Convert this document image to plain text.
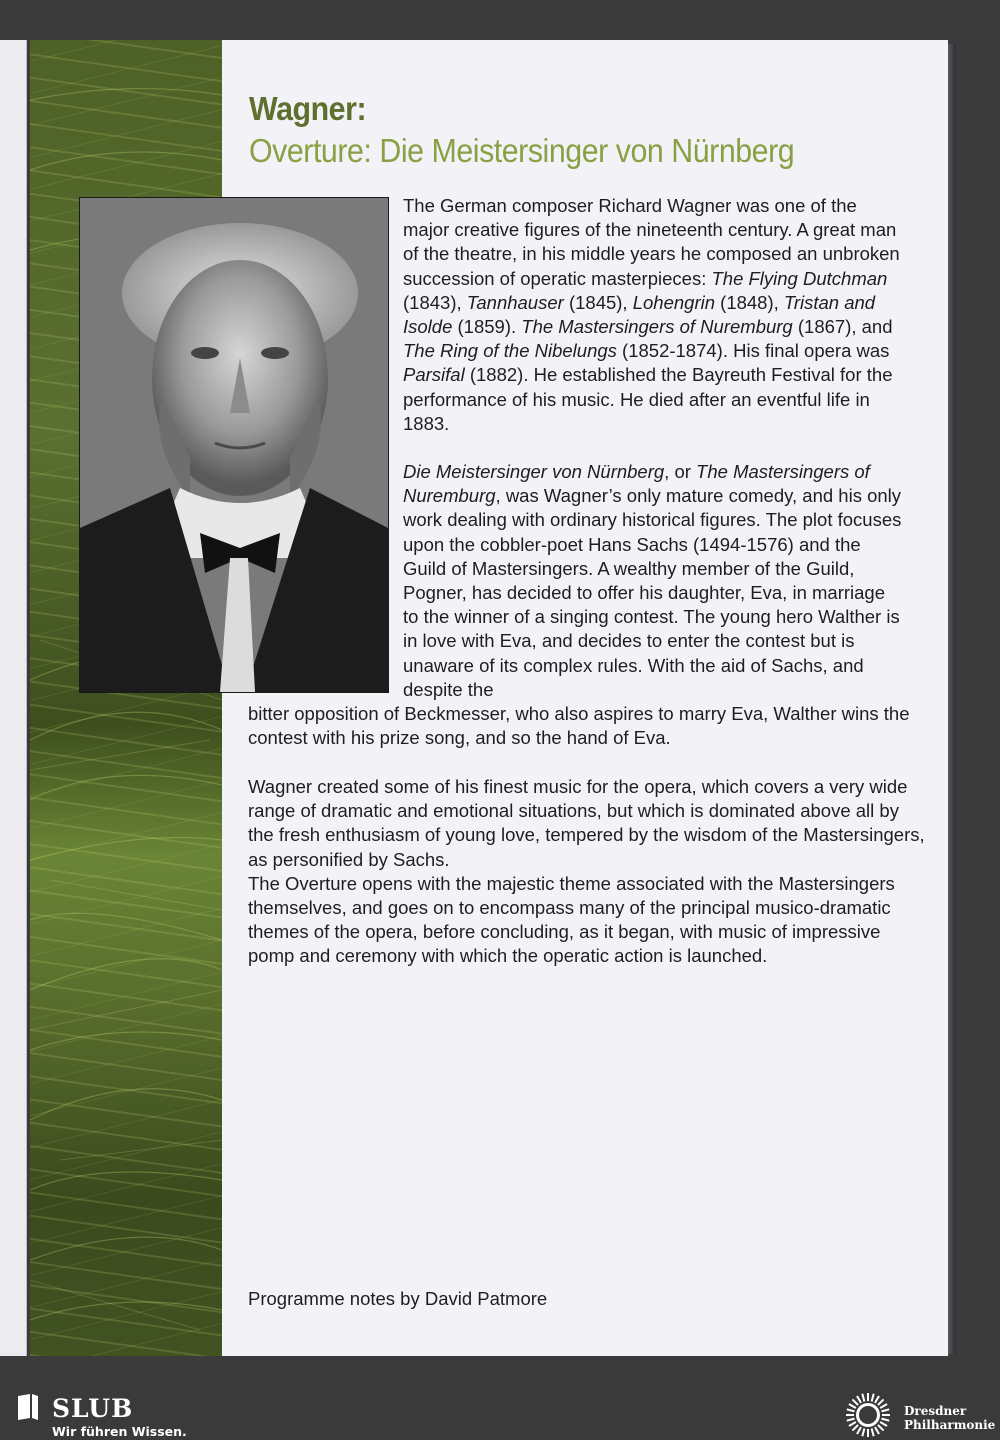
Wagner:
Overture: Die Meistersinger von Nürnberg

The German composer Richard Wagner was one of the major creative figures of the nineteenth century. A great man of the theatre, in his middle years he composed an unbroken succession of operatic masterpieces: The Flying Dutchman (1843), Tannhauser (1845), Lohengrin (1848), Tristan and Isolde (1859). The Mastersingers of Nuremburg (1867), and The Ring of the Nibelungs (1852-1874). His final opera was Parsifal (1882). He established the Bayreuth Festival for the performance of his music. He died after an eventful life in 1883.

Die Meistersinger von Nürnberg, or The Mastersingers of Nuremburg, was Wagner’s only mature comedy, and his only work dealing with ordinary historical figures. The plot focuses upon the cobbler-poet Hans Sachs (1494-1576) and the Guild of Mastersingers. A wealthy member of the Guild, Pogner, has decided to offer his daughter, Eva, in marriage to the winner of a singing contest. The young hero Walther is in love with Eva, and decides to enter the contest but is unaware of its complex rules. With the aid of Sachs, and despite the

bitter opposition of Beckmesser, who also aspires to marry Eva, Walther wins the contest with his prize song, and so the hand of Eva.

Wagner created some of his finest music for the opera, which covers a very wide range of dramatic and emotional situations, but which is dominated above all by the fresh enthusiasm of young love, tempered by the wisdom of the Mastersingers, as personified by Sachs.
The Overture opens with the majestic theme associated with the Mastersingers themselves, and goes on to encompass many of the principal musico-dramatic themes of the opera, before concluding, as it began, with music of impressive pomp and ceremony with which the operatic action is launched.

Programme notes by David Patmore

SLUB
Wir führen Wissen.
Dresdner
Philharmonie
